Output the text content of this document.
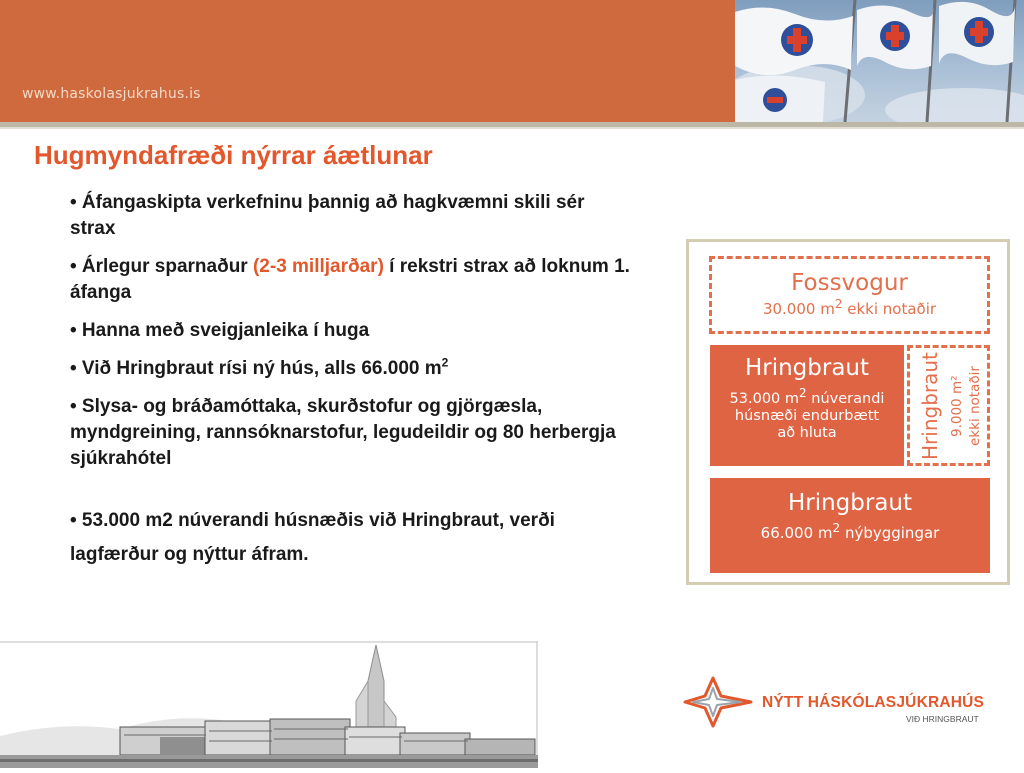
www.haskolasjukrahus.is
Hugmyndafræði nýrrar áætlunar
• Áfangaskipta verkefninu þannig að hagkvæmni skili sér strax
• Árlegur sparnaður (2-3 milljarðar) í rekstri strax að loknum 1. áfanga
• Hanna með sveigjanleika í huga
• Við Hringbraut rísi ný hús, alls 66.000 $m^2$
• Slysa- og bráðamóttaka, skurðstofur og gjörgæsla, myndgreining, rannsóknarstofur, legudeildir og 80 herbergja sjúkrahótel
• 53.000 m2 núverandi húsnæðis við Hringbraut, verði lagfærður og nýttur áfram.
Fossvogur
30.000 $m^2$ ekki notaðir
Hringbraut
53.000 $m^2$ núverandi
húsnæði endurbætt
að hluta	Hringbraut 9.000 m² ekki notaðir
Hringbraut
66.000 $m^2$ nýbyggingar
NÝTT HÁSKÓLASJÚKRAHÚS
VIÐ HRINGBRAUT
